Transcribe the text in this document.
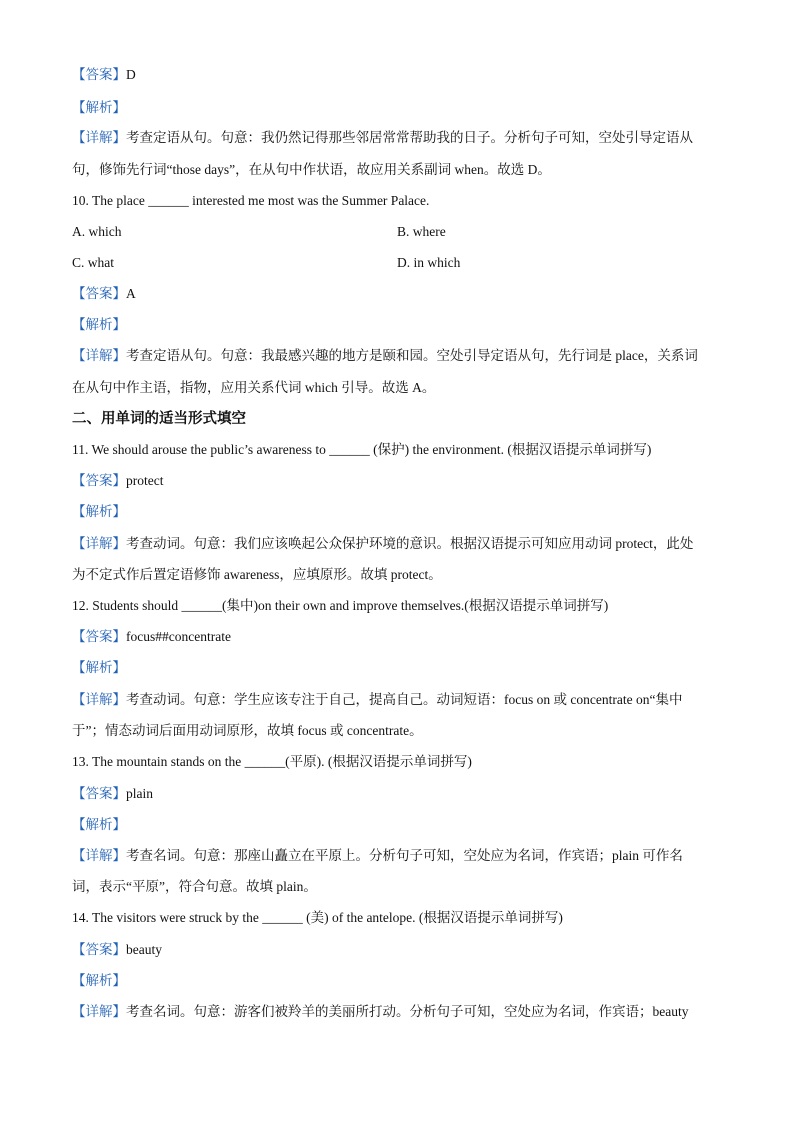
【答案】D
【解析】
【详解】考查定语从句。句意：我仍然记得那些邻居常常帮助我的日子。分析句子可知，空处引导定语从
句，修饰先行词“those days”，在从句中作状语，故应用关系副词 when。故选 D。
10. The place ______ interested me most was the Summer Palace.
A. which	B. where
C. what	D. in which
【答案】A
【解析】
【详解】考查定语从句。句意：我最感兴趣的地方是颐和园。空处引导定语从句，先行词是 place，关系词
在从句中作主语，指物，应用关系代词 which 引导。故选 A。
二、用单词的适当形式填空
11. We should arouse the public’s awareness to ______ (保护) the environment. (根据汉语提示单词拼写)
【答案】protect
【解析】
【详解】考查动词。句意：我们应该唤起公众保护环境的意识。根据汉语提示可知应用动词 protect，此处
为不定式作后置定语修饰 awareness，应填原形。故填 protect。
12. Students should ______(集中)on their own and improve themselves.(根据汉语提示单词拼写)
【答案】focus##concentrate
【解析】
【详解】考查动词。句意：学生应该专注于自己，提高自己。动词短语：focus on 或 concentrate on“集中
于”；情态动词后面用动词原形，故填 focus 或 concentrate。
13. The mountain stands on the ______(平原). (根据汉语提示单词拼写)
【答案】plain
【解析】
【详解】考查名词。句意：那座山矗立在平原上。分析句子可知，空处应为名词，作宾语；plain 可作名
词，表示“平原”，符合句意。故填 plain。
14. The visitors were struck by the ______ (美) of the antelope. (根据汉语提示单词拼写)
【答案】beauty
【解析】
【详解】考查名词。句意：游客们被羚羊的美丽所打动。分析句子可知，空处应为名词，作宾语；beauty
